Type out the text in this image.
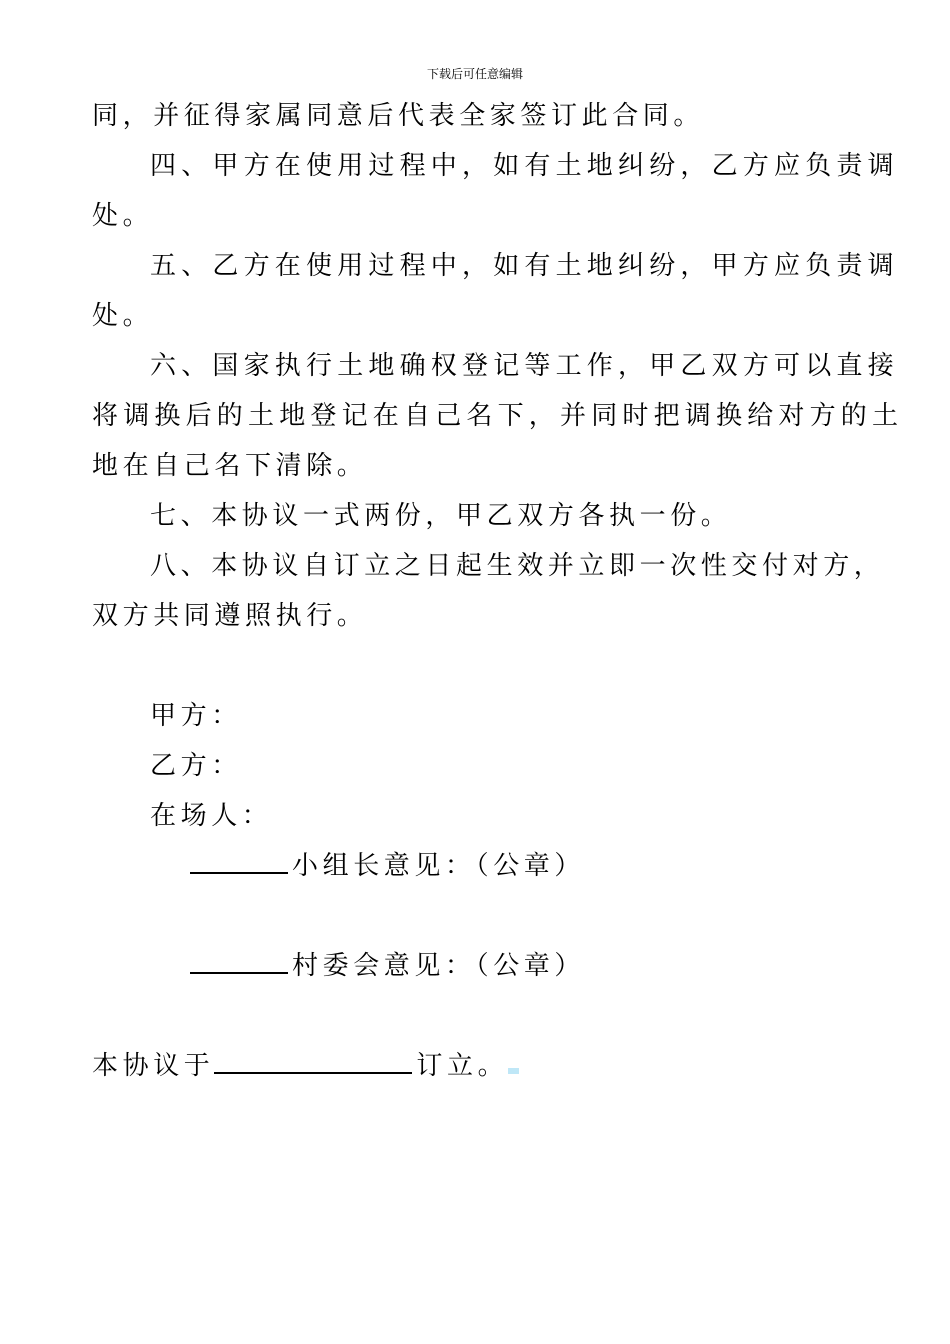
下载后可任意编辑
同，并征得家属同意后代表全家签订此合同。
四、甲方在使用过程中，如有土地纠纷，乙方应负责调
处。
五、乙方在使用过程中，如有土地纠纷，甲方应负责调
处。
六、国家执行土地确权登记等工作，甲乙双方可以直接
将调换后的土地登记在自己名下，并同时把调换给对方的土
地在自己名下清除。
七、本协议一式两份，甲乙双方各执一份。
八、本协议自订立之日起生效并立即一次性交付对方，
双方共同遵照执行。
甲方：
乙方：
在场人：
小组长意见：（公章）
村委会意见：（公章）
本协议于	订立。
